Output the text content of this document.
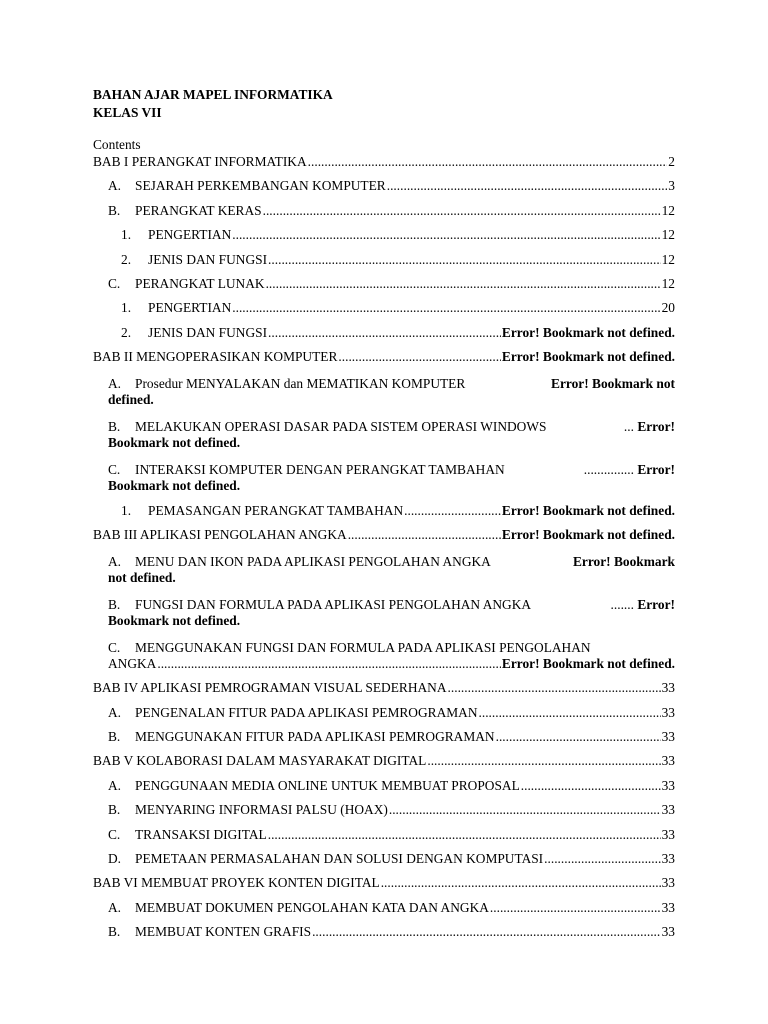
BAHAN AJAR MAPEL INFORMATIKA
KELAS VII
Contents
BAB I PERANGKAT INFORMATIKA .....	2
A.	SEJARAH PERKEMBANGAN KOMPUTER .....	3
B.	PERANGKAT KERAS .....	12
1.	PENGERTIAN .....	12
2.	JENIS DAN FUNGSI .....	12
C.	PERANGKAT LUNAK .....	12
1.	PENGERTIAN .....	20
2.	JENIS DAN FUNGSI .....	Error! Bookmark not defined.
BAB II MENGOPERASIKAN KOMPUTER .....	Error! Bookmark not defined.
A. Prosedur MENYALAKAN dan MEMATIKAN KOMPUTER	Error! Bookmark not
defined.
B. MELAKUKAN OPERASI DASAR PADA SISTEM OPERASI WINDOWS	... Error!
Bookmark not defined.
C. INTERAKSI KOMPUTER DENGAN PERANGKAT TAMBAHAN	............... Error!
Bookmark not defined.
1.	PEMASANGAN PERANGKAT TAMBAHAN .....	Error! Bookmark not defined.
BAB III APLIKASI PENGOLAHAN ANGKA .....	Error! Bookmark not defined.
A. MENU DAN IKON PADA APLIKASI PENGOLAHAN ANGKA	Error! Bookmark
not defined.
B. FUNGSI DAN FORMULA PADA APLIKASI PENGOLAHAN ANGKA	....... Error!
Bookmark not defined.
C. MENGGUNAKAN FUNGSI DAN FORMULA PADA APLIKASI PENGOLAHAN
ANGKA .....	Error! Bookmark not defined.
BAB IV APLIKASI PEMROGRAMAN VISUAL SEDERHANA .....	33
A.	PENGENALAN FITUR PADA APLIKASI PEMROGRAMAN .....	33
B.	MENGGUNAKAN FITUR PADA APLIKASI PEMROGRAMAN .....	33
BAB V KOLABORASI DALAM MASYARAKAT DIGITAL .....	33
A.	PENGGUNAAN MEDIA ONLINE UNTUK MEMBUAT PROPOSAL .....	33
B.	MENYARING INFORMASI PALSU (HOAX) .....	33
C.	TRANSAKSI DIGITAL .....	33
D.	PEMETAAN PERMASALAHAN DAN SOLUSI DENGAN KOMPUTASI .....	33
BAB VI MEMBUAT PROYEK KONTEN DIGITAL .....	33
A.	MEMBUAT DOKUMEN PENGOLAHAN KATA DAN ANGKA .....	33
B.	MEMBUAT KONTEN GRAFIS .....	33
